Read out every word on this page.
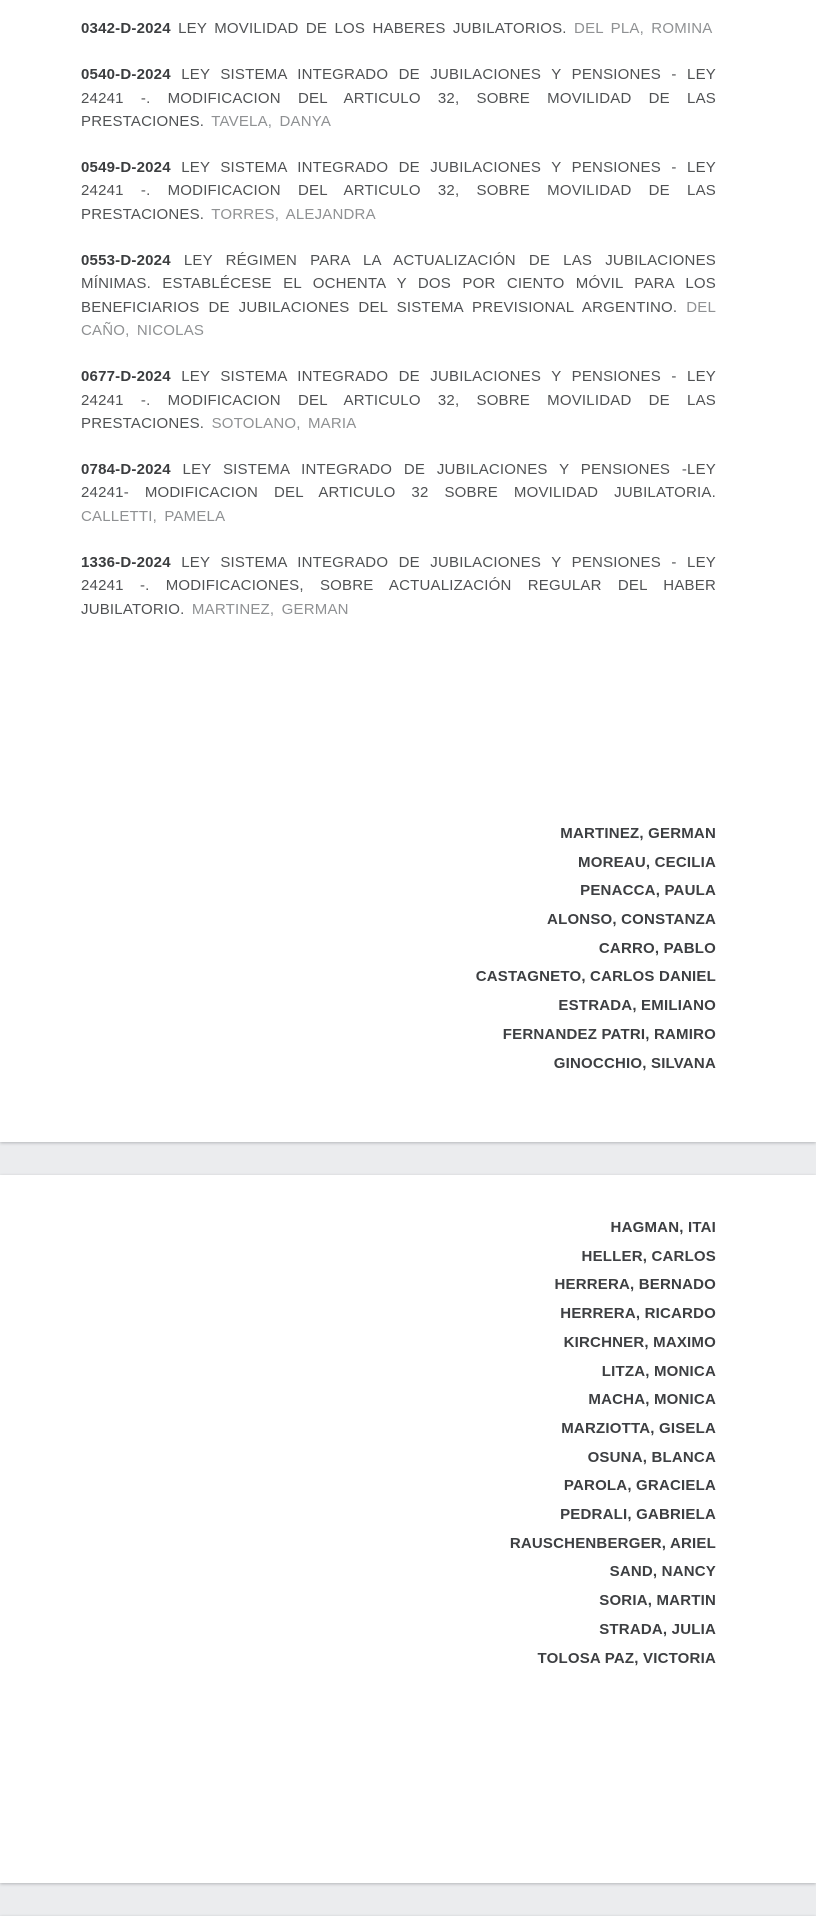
0342-D-2024 LEY MOVILIDAD DE LOS HABERES JUBILATORIOS. DEL PLA, ROMINA

0540-D-2024 LEY SISTEMA INTEGRADO DE JUBILACIONES Y PENSIONES - LEY 24241 -. MODIFICACION DEL ARTICULO 32, SOBRE MOVILIDAD DE LAS PRESTACIONES. TAVELA, DANYA

0549-D-2024 LEY SISTEMA INTEGRADO DE JUBILACIONES Y PENSIONES - LEY 24241 -. MODIFICACION DEL ARTICULO 32, SOBRE MOVILIDAD DE LAS PRESTACIONES. TORRES, ALEJANDRA

0553-D-2024 LEY RÉGIMEN PARA LA ACTUALIZACIÓN DE LAS JUBILACIONES MÍNIMAS. ESTABLÉCESE EL OCHENTA Y DOS POR CIENTO MÓVIL PARA LOS BENEFICIARIOS DE JUBILACIONES DEL SISTEMA PREVISIONAL ARGENTINO. DEL CAÑO, NICOLAS

0677-D-2024 LEY SISTEMA INTEGRADO DE JUBILACIONES Y PENSIONES - LEY 24241 -. MODIFICACION DEL ARTICULO 32, SOBRE MOVILIDAD DE LAS PRESTACIONES. SOTOLANO, MARIA

0784-D-2024 LEY SISTEMA INTEGRADO DE JUBILACIONES Y PENSIONES -LEY 24241- MODIFICACION DEL ARTICULO 32 SOBRE MOVILIDAD JUBILATORIA. CALLETTI, PAMELA

1336-D-2024 LEY SISTEMA INTEGRADO DE JUBILACIONES Y PENSIONES - LEY 24241 -. MODIFICACIONES, SOBRE ACTUALIZACIÓN REGULAR DEL HABER JUBILATORIO. MARTINEZ, GERMAN

MARTINEZ, GERMAN
MOREAU, CECILIA
PENACCA, PAULA
ALONSO, CONSTANZA
CARRO, PABLO
CASTAGNETO, CARLOS DANIEL
ESTRADA, EMILIANO
FERNANDEZ PATRI, RAMIRO
GINOCCHIO, SILVANA
HAGMAN, ITAI
HELLER, CARLOS
HERRERA, BERNADO
HERRERA, RICARDO
KIRCHNER, MAXIMO
LITZA, MONICA
MACHA, MONICA
MARZIOTTA, GISELA
OSUNA, BLANCA
PAROLA, GRACIELA
PEDRALI, GABRIELA
RAUSCHENBERGER, ARIEL
SAND, NANCY
SORIA, MARTIN
STRADA, JULIA
TOLOSA PAZ, VICTORIA
